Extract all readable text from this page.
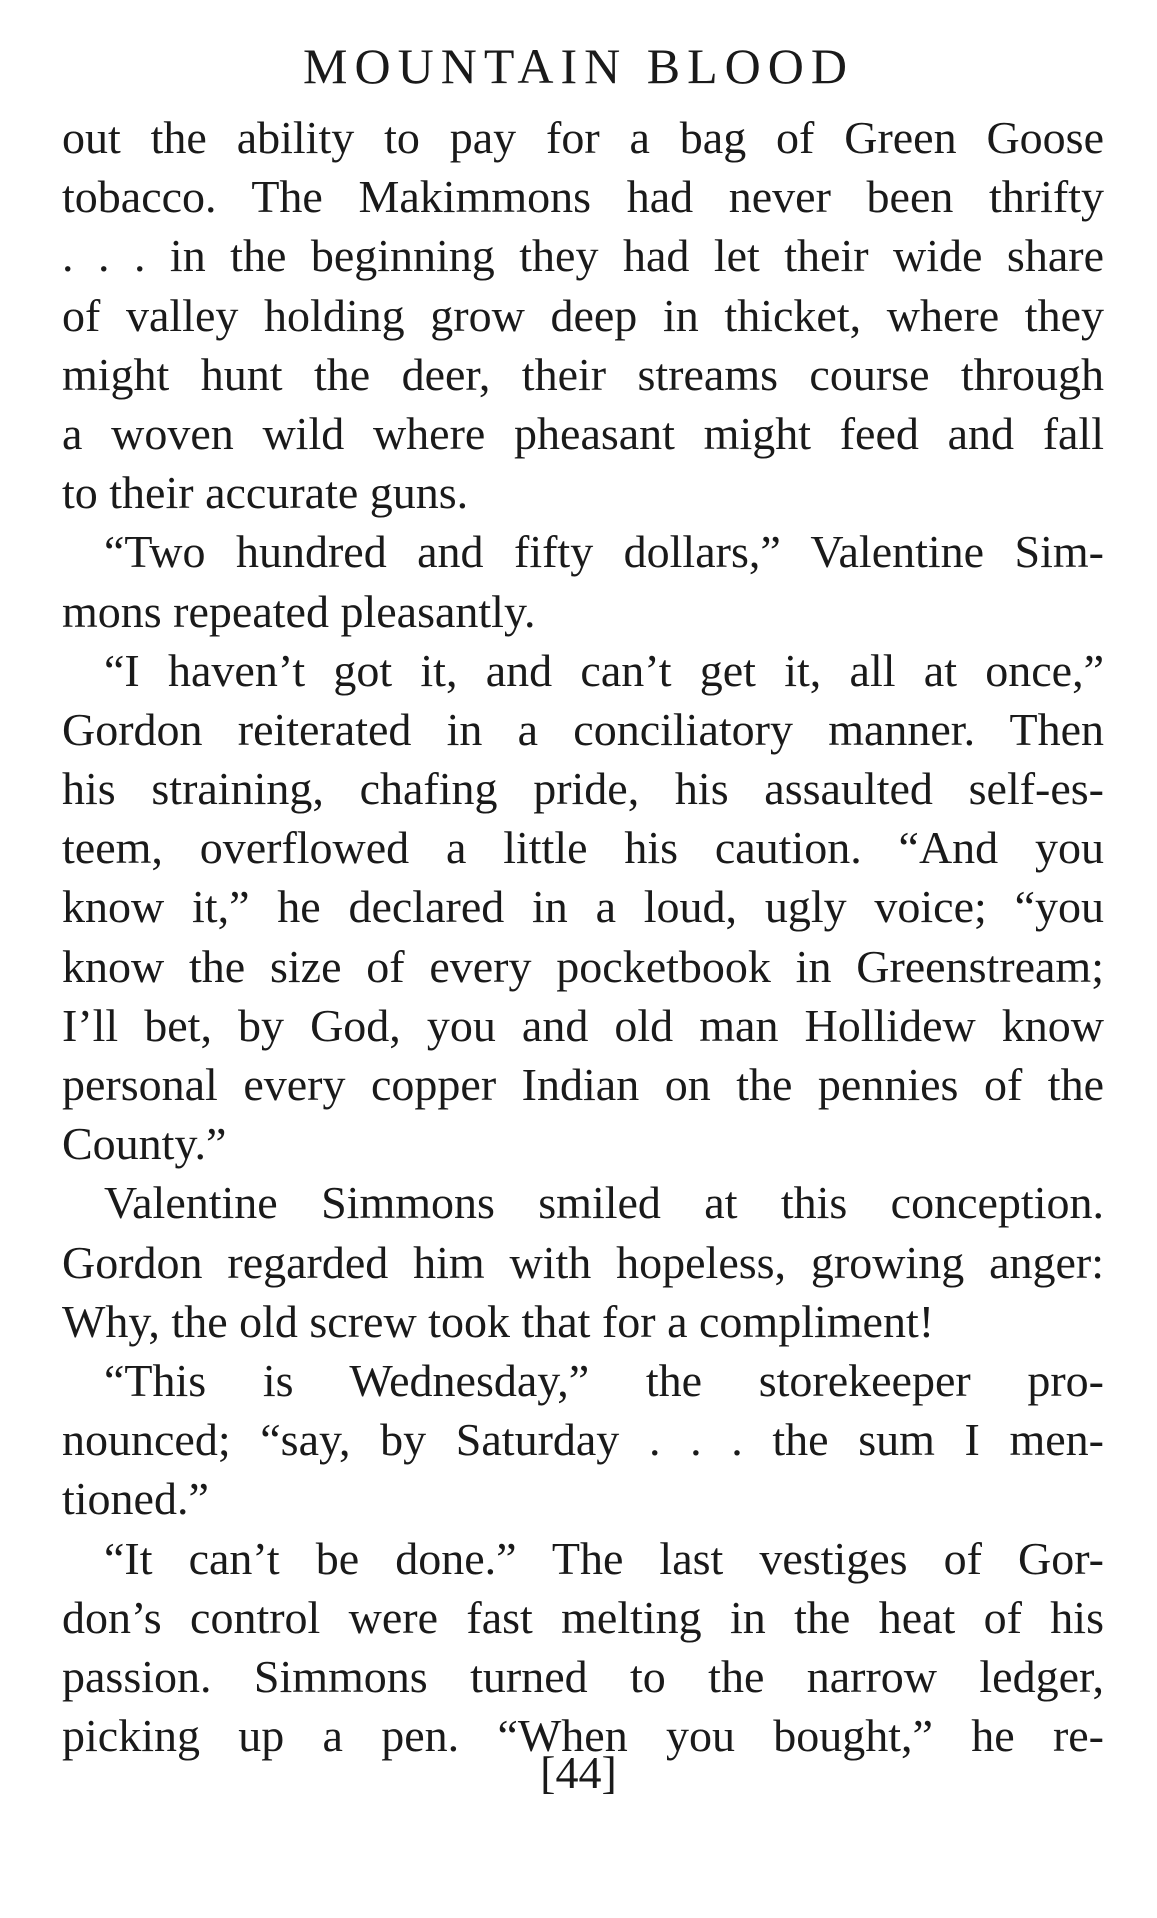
MOUNTAIN BLOOD
out the ability to pay for a bag of Green Goose
tobacco. The Makimmons had never been thrifty
. . . in the beginning they had let their wide share
of valley holding grow deep in thicket, where they
might hunt the deer, their streams course through
a woven wild where pheasant might feed and fall
to their accurate guns.
“Two hundred and fifty dollars,” Valentine Sim-
mons repeated pleasantly.
“I haven’t got it, and can’t get it, all at once,”
Gordon reiterated in a conciliatory manner. Then
his straining, chafing pride, his assaulted self-es-
teem, overflowed a little his caution. “And you
know it,” he declared in a loud, ugly voice; “you
know the size of every pocketbook in Greenstream;
I’ll bet, by God, you and old man Hollidew know
personal every copper Indian on the pennies of the
County.”
Valentine Simmons smiled at this conception.
Gordon regarded him with hopeless, growing anger:
Why, the old screw took that for a compliment!
“This is Wednesday,” the storekeeper pro-
nounced; “say, by Saturday . . . the sum I men-
tioned.”
“It can’t be done.” The last vestiges of Gor-
don’s control were fast melting in the heat of his
passion. Simmons turned to the narrow ledger,
picking up a pen. “When you bought,” he re-
[44]
